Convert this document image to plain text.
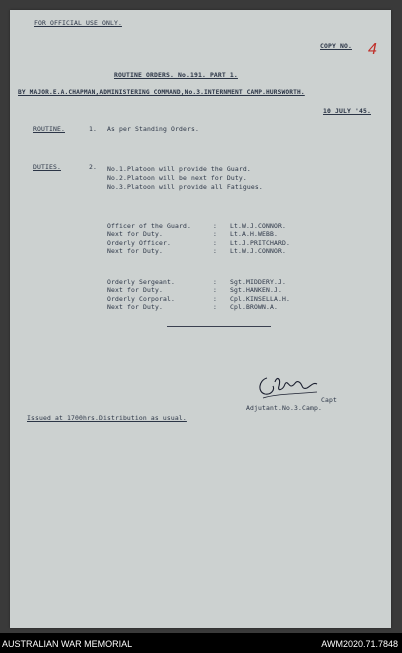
FOR OFFICIAL USE ONLY.
COPY NO. 4
ROUTINE ORDERS. No.191. PART 1.
BY MAJOR.E.A.CHAPMAN,ADMINISTERING COMMAND,No.3.INTERNMENT CAMP.HURSWORTH.
10 JULY '45.
ROUTINE.	1. As per Standing Orders.
DUTIES.	2. No.1.Platoon will provide the Guard.
No.2.Platoon will be next for Duty.
No.3.Platoon will provide all Fatigues.
Officer of the Guard.	: Lt.W.J.CONNOR.
Next for Duty.	: Lt.A.H.WEBB.
Orderly Officer.	: Lt.J.PRITCHARD.
Next for Duty.	: Lt.W.J.CONNOR.
Orderly Sergeant.	: Sgt.MIDDERY.J.
Next for Duty.	: Sgt.HANKEN.J.
Orderly Corporal.	: Cpl.KINSELLA.H.
Next for Duty.	: Cpl.BROWN.A.
Capt
Adjutant.No.3.Camp.
Issued at 1700hrs.Distribution as usual.
AUSTRALIAN WAR MEMORIAL	AWM2020.71.7848
